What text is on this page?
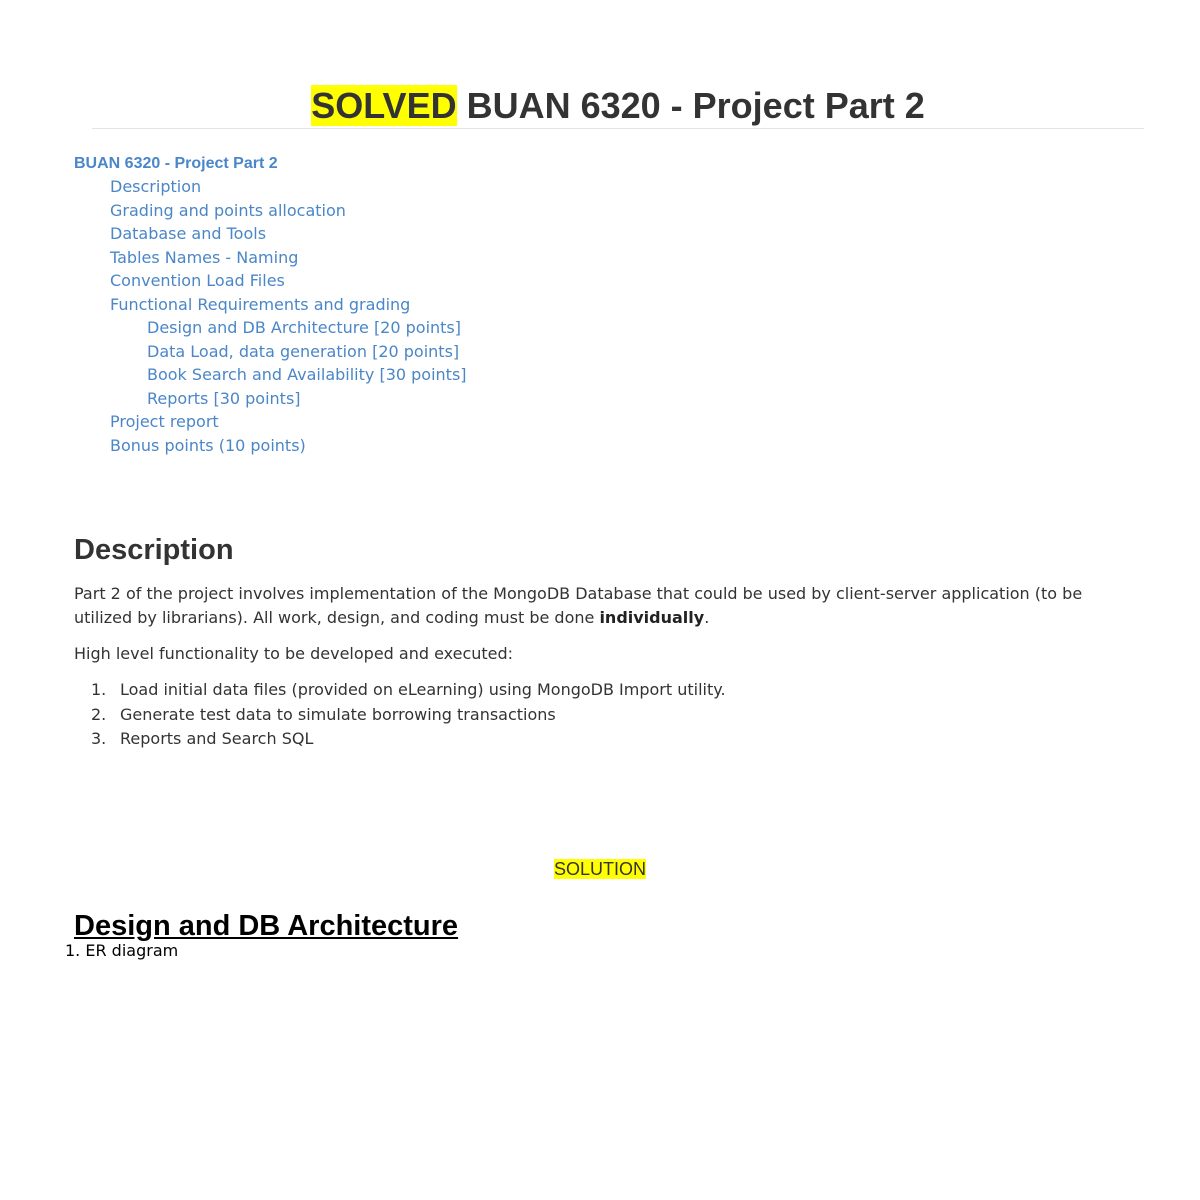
SOLVED BUAN 6320 - Project Part 2
BUAN 6320 - Project Part 2
Description
Grading and points allocation
Database and Tools
Tables Names - Naming
Convention Load Files
Functional Requirements and grading
Design and DB Architecture [20 points] Data Load, data generation [20 points] Book Search and Availability [30 points] Reports [30 points]
Project report
Bonus points (10 points)
Description

Part 2 of the project involves implementation of the MongoDB Database that could be used by client-server application (to be utilized by librarians). All work, design, and coding must be done individually.

High level functionality to be developed and executed:

1. Load initial data files (provided on eLearning) using MongoDB Import utility.
2. Generate test data to simulate borrowing transactions
3. Reports and Search SQL
SOLUTION
Design and DB Architecture
1. ER diagram
